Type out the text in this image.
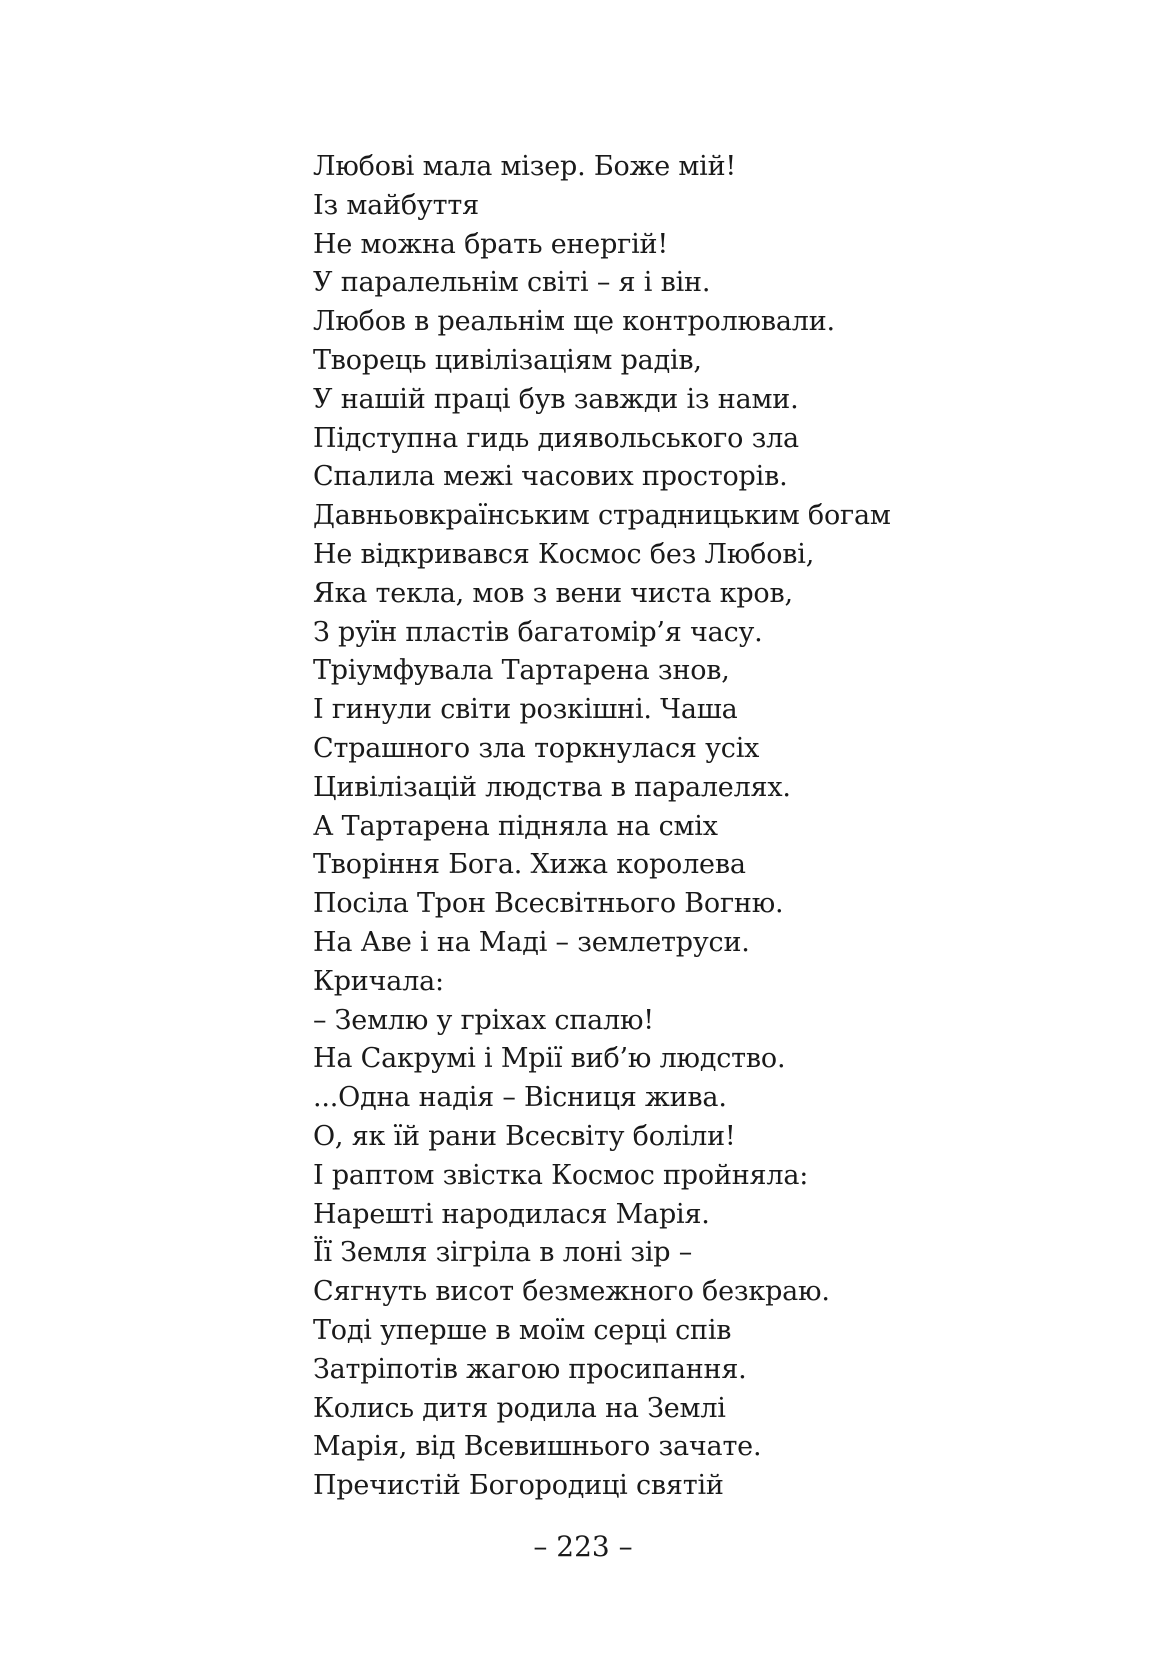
Любові мала мізер. Боже мій!
Із майбуття
Не можна брать енергій!
У паралельнім світі – я і він.
Любов в реальнім ще контролювали.
Творець цивілізаціям радів,
У нашій праці був завжди із нами.
Підступна гидь диявольського зла
Спалила межі часових просторів.
Давньовкраїнським страдницьким богам
Не відкривався Космос без Любові,
Яка текла, мов з вени чиста кров,
З руїн пластів багатомір’я часу.
Тріумфувала Тартарена знов,
І гинули світи розкішні. Чаша
Страшного зла торкнулася усіх
Цивілізацій людства в паралелях.
А Тартарена підняла на сміх
Творіння Бога. Хижа королева
Посіла Трон Всесвітнього Вогню.
На Аве і на Маді – землетруси.
Кричала:
– Землю у гріхах спалю!
На Сакрумі і Мрії виб’ю людство.
...Одна надія – Вісниця жива.
О, як їй рани Всесвіту боліли!
І раптом звістка Космос пройняла:
Нарешті народилася Марія.
Її Земля зігріла в лоні зір –
Сягнуть висот безмежного безкраю.
Тоді уперше в моїм серці спів
Затріпотів жагою просипання.
Колись дитя родила на Землі
Марія, від Всевишнього зачате.
Пречистій Богородиці святій
– 223 –
